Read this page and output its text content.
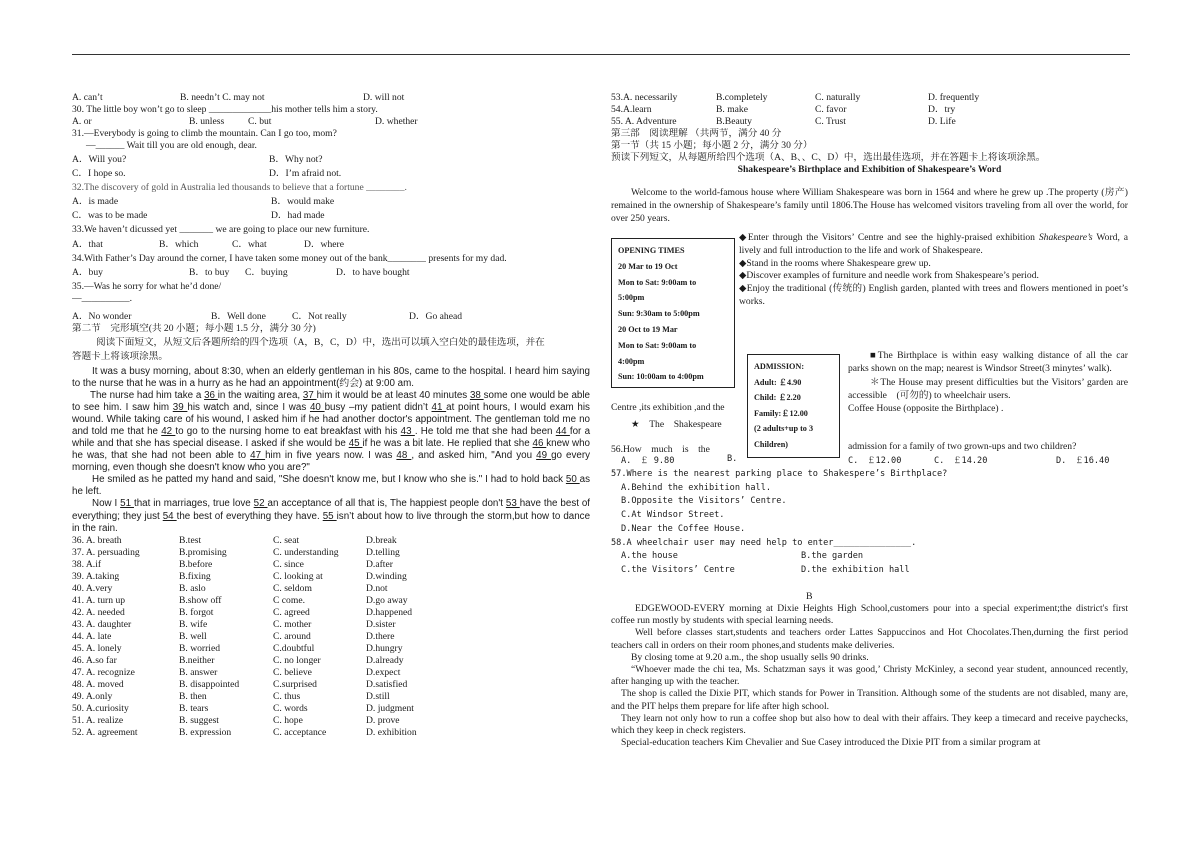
A. can’t	B. needn’t C. may not	D. will not
30. The little boy won’t go to sleep _____________his mother tells him a story.
A. or	B. unless C. but	D. whether
31.—Everybody is going to climb the mountain. Can I go too, mom?
—______ Wait till you are old enough, dear.
A．Will you?	B．Why not?
C．I hope so.	D．I’m afraid not.
32.The discovery of gold in Australia led thousands to believe that a fortune ________.
A．is made	B．would make
C．was to be made	D．had made
33.We haven’t dicussed yet _______ we are going to place our new furniture.
A．that	B．which	C．what	D．where
34.With Father’s Day around the corner, I have taken some money out of the bank________ presents for my dad.
A．buy	B．to buy C．buying	D．to have bought
35.—Was he sorry for what he’d done/
—__________.
A．No wonder	B．Well done	C．Not really	D．Go ahead
第二节　完形填空(共 20 小题；每小题 1.5 分，满分 30 分)
阅读下面短文，从短文后各题所给的四个选项（A，B，C，D）中，选出可以填入空白处的最佳选项，并在
答题卡上将该项涂黑。
It was a busy morning, about 8:30, when an elderly gentleman in his 80s, came to the hospital. I heard him saying to the nurse that he was in a hurry as he had an appointment(约会) at 9:00 am.
The nurse had him take a 36 in the waiting area, 37 him it would be at least 40 minutes 38 some one would be able to see him. I saw him 39 his watch and, since I was 40 busy –my patient didn’t 41 at point hours, I would exam his wound. While taking care of his wound, I asked him if he had another doctor's appointment. The gentleman told me no and told me that he 42 to go to the nursing home to eat breakfast with his 43 . He told me that she had been 44 for a while and that she has special disease. I asked if she would be 45 if he was a bit late. He replied that she 46 knew who he was, that she had not been able to 47 him in five years now. I was 48 , and asked him, "And you 49 go every morning, even though she doesn't know who you are?"
He smiled as he patted my hand and said, "She doesn't know me, but I know who she is." I had to hold back 50 as he left.
Now I 51 that in marriages, true love 52 an acceptance of all that is, The happiest people don't 53 have the best of everything; they just 54 the best of everything they have. 55 isn’t about how to live through the storm,but how to dance in the rain.
36. A. breath	B.test	C. seat	D.break
37. A. persuading	B.promising	C. understanding	D.telling
38. A.if	B.before	C. since	D.after
39. A.taking	B.fixing	C. looking at	D.winding
40. A.very	B. aslo	C. seldom	D.not
41. A. turn up	B.show off	C come.	D.go away
42. A. needed	B. forgot	C. agreed	D.happened
43. A. daughter	B. wife	C. mother	D.sister
44. A. late	B. well	C. around	D.there
45. A. lonely	B. worried	C.doubtful	D.hungry
46. A.so far	B.neither	C. no longer	D.already
47. A. recognize	B. answer	C. believe	D.expect
48. A. moved	B. disappointed	C.surprised	D.satisfied
49. A.only	B. then	C. thus	D.still
50. A.curiosity	B. tears	C. words	D. judgment
51. A. realize	B. suggest	C. hope	D. prove
52. A. agreement	B. expression	C. acceptance	D. exhibition
53.A. necessarily	B.completely	C. naturally	D. frequently
54.A.learn	B. make	C. favor	D．try
55. A. Adventure	B.Beauty	C. Trust	D. Life
第三部　阅读理解 （共两节，满分 40 分
第一节（共 15 小题；每小题 2 分，满分 30 分）
预读下列短文，从每题所给四个选项（A、B、、C、D）中，选出最佳选项，并在答题卡上将该项涂黑。
Shakespeare’s Birthplace and Exhibition of Shakespeare’s Word
Welcome to the world-famous house where William Shakespeare was born in 1564 and where he grew up .The property (房产) remained in the ownership of Shakespeare’s family until 1806.The House has welcomed visitors traveling from all over the world, for over 250 years.
OPENING TIMES
20 Mar to 19 Oct
Mon to Sat: 9:00am to
5:00pm
Sun: 9:30am to 5:00pm
20 Oct to 19 Mar
Mon to Sat: 9:00am to
4:00pm
Sun: 10:00am to 4:00pm
◆Enter through the Visitors’ Centre and see the highly-praised exhibition Shakespeare’s Word, a lively and full introduction to the life and work of Shakespeare.
◆Stand in the rooms where Shakespeare grew up.
◆Discover examples of furniture and needle work from Shakespeare’s period.
◆Enjoy the traditional (传统的) English garden, planted with trees and flowers mentioned in poet’s works.
ADMISSION:
Adult: ￡4.90
Child: ￡2.20
Family:￡12.00
(2 adults+up to 3
Children)
■The Birthplace is within easy walking distance of all the car parks shown on the map; nearest is Windsor Street(3 minytes’ walk).
＊The House may present difficulties but the Visitors’ garden are accessible　(可勿的) to wheelchair users.
Coffee House (opposite the Birthplace) .
Centre ,its exhibition ,and the
★　The　Shakespeare
56.How　much　is　the	admission for a family of two grown-ups and two children?
A.　￡ 9.80	B.	C.　￡12.00	C.　￡14.20	D.　￡16.40
57.Where is the nearest parking place to Shakespere’s Birthplace?
A.Behind the exhibition hall.
B.Opposite the Visitors’ Centre.
C.At Windsor Street.
D.Near the Coffee House.
58.A wheelchair user may need help to enter_______________.
A.the house	B.the garden
C.the Visitors’ Centre	D.the exhibition hall
B
EDGEWOOD-EVERY morning at Dixie Heights High School,customers pour into a special experiment;the district's first coffee run mostly by students with special learning needs.
Well before classes start,students and teachers order Lattes Sappuccinos and Hot Chocolates.Then,durning the first period teachers call in orders on their room phones,and students make deliveries.
By closing tome at 9.20 a.m., the shop usually sells 90 drinks.
“Whoever made the chi tea, Ms. Schatzman says it was good,’ Christy McKinley, a second year student, announced recently, after hanging up with the teacher.
The shop is called the Dixie PIT, which stands for Power in Transition. Although some of the students are not disabled, many are, and the PIT helps them prepare for life after high school.
They learn not only how to run a coffee shop but also how to deal with their affairs. They keep a timecard and receive paychecks, which they keep in check registers.
Special-education teachers Kim Chevalier and Sue Casey introduced the Dixie PIT from a similar program at
